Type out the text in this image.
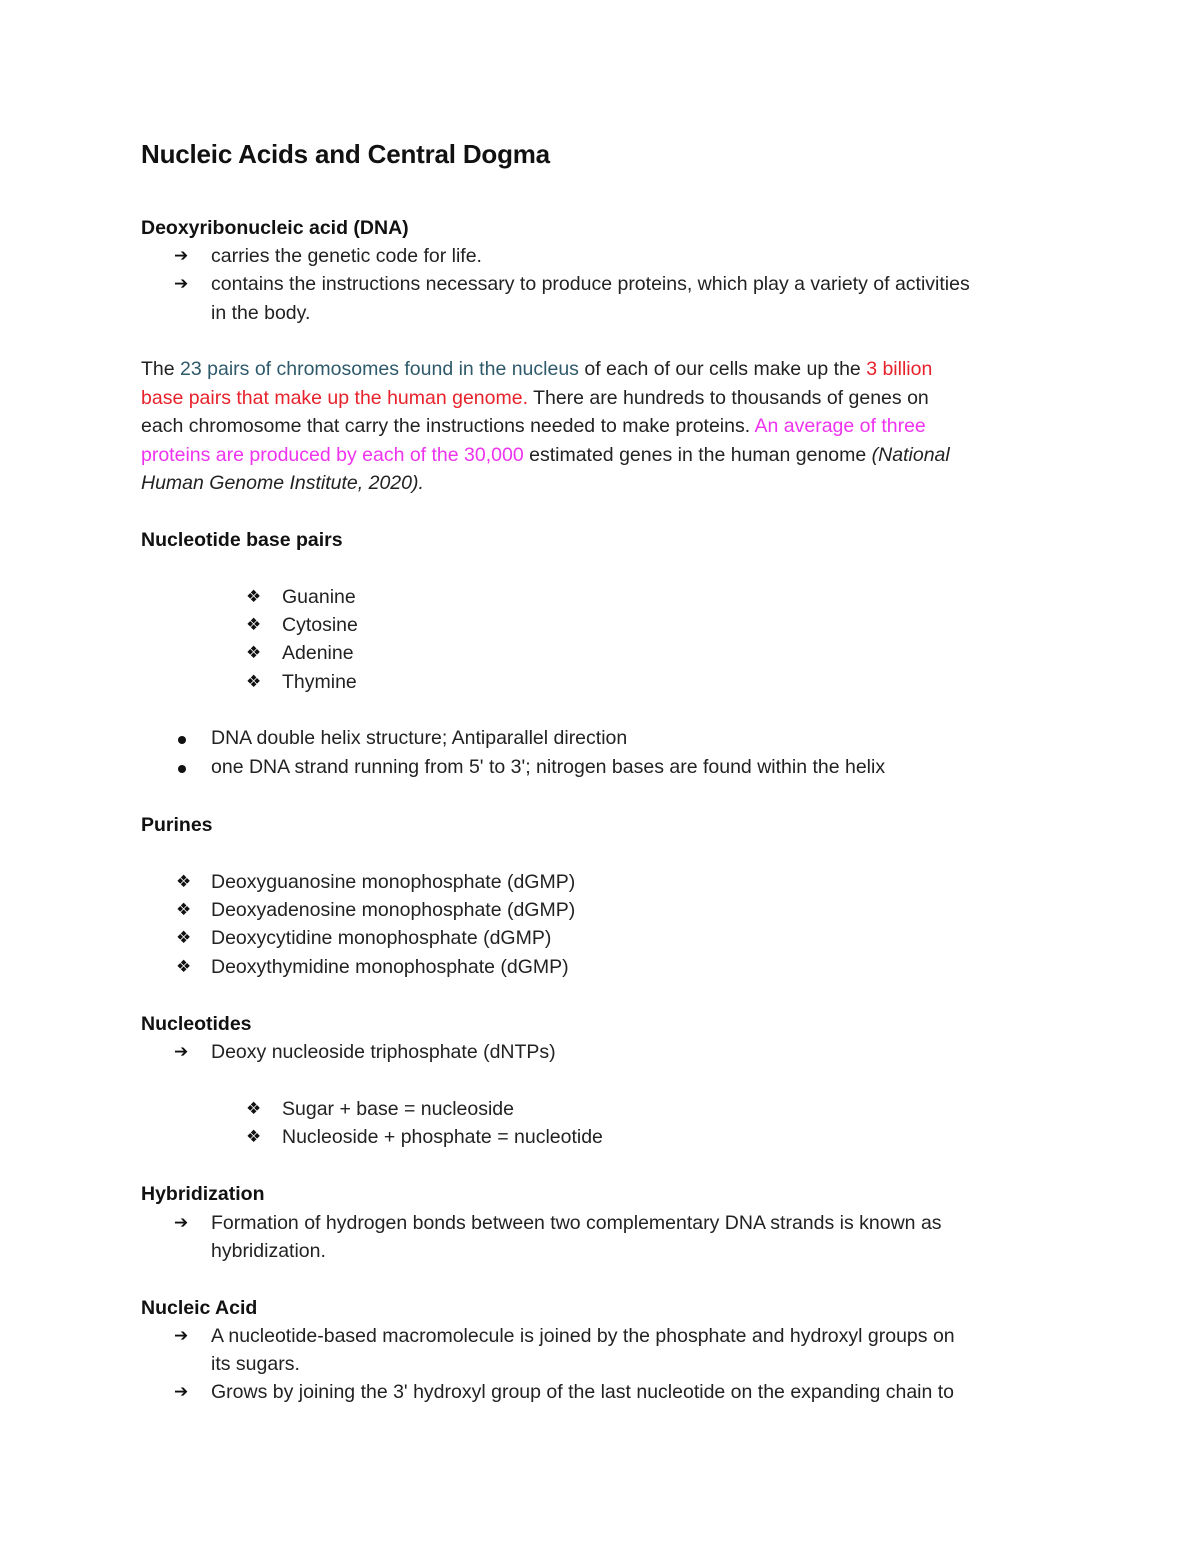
Nucleic Acids and Central Dogma
Deoxyribonucleic acid (DNA)
➔ carries the genetic code for life.
➔ contains the instructions necessary to produce proteins, which play a variety of activities
in the body.
The 23 pairs of chromosomes found in the nucleus of each of our cells make up the 3 billion
base pairs that make up the human genome. There are hundreds to thousands of genes on
each chromosome that carry the instructions needed to make proteins. An average of three
proteins are produced by each of the 30,000 estimated genes in the human genome (National
Human Genome Institute, 2020).
Nucleotide base pairs
❖ Guanine
❖ Cytosine
❖ Adenine
❖ Thymine
DNA double helix structure; Antiparallel direction
one DNA strand running from 5' to 3'; nitrogen bases are found within the helix
Purines
❖ Deoxyguanosine monophosphate (dGMP)
❖ Deoxyadenosine monophosphate (dGMP)
❖ Deoxycytidine monophosphate (dGMP)
❖ Deoxythymidine monophosphate (dGMP)
Nucleotides
➔ Deoxy nucleoside triphosphate (dNTPs)
❖ Sugar + base = nucleoside
❖ Nucleoside + phosphate = nucleotide
Hybridization
➔ Formation of hydrogen bonds between two complementary DNA strands is known as
hybridization.
Nucleic Acid
➔ A nucleotide-based macromolecule is joined by the phosphate and hydroxyl groups on
its sugars.
➔ Grows by joining the 3' hydroxyl group of the last nucleotide on the expanding chain to
